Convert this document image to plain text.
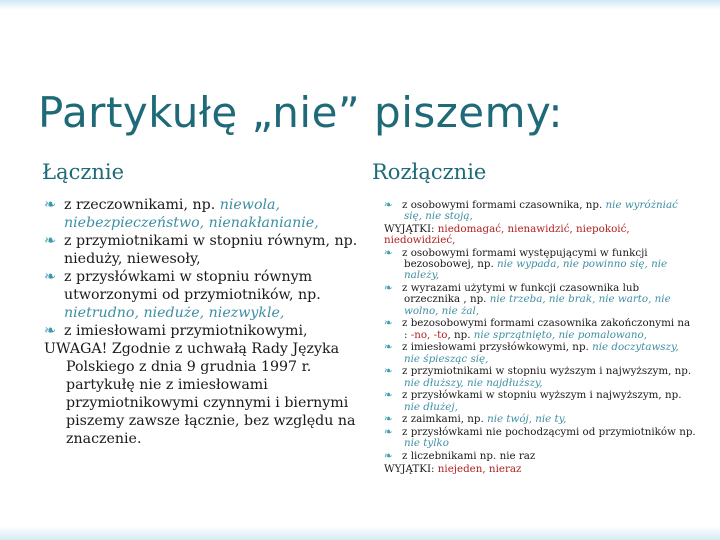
Partykułę „nie” piszemy:
Łącznie	Rozłącznie

❧ z rzeczownikami, np. niewola, niebezpieczeństwo, nienakłanianie,

❧ z przymiotnikami w stopniu równym, np. nieduży, niewesoły,

❧ z przysłówkami w stopniu równym utworzonymi od przymiotników, np. nietrudno, nieduże, niezwykle,

❧ z imiesłowami przymiotnikowymi,

UWAGA! Zgodnie z uchwałą Rady Języka Polskiego z dnia 9 grudnia 1997 r. partykułę nie z imiesłowami przymiotnikowymi czynnymi i biernymi piszemy zawsze łącznie, bez względu na znaczenie.

❧ z osobowymi formami czasownika, np. nie wyróżniać się, nie stoją,

WYJĄTKI: niedomagać, nienawidzić, niepokoić, niedowidzieć,

❧ z osobowymi formami występującymi w funkcji bezosobowej, np. nie wypada, nie powinno się, nie należy,

❧ z wyrazami użytymi w funkcji czasownika lub orzecznika , np. nie trzeba, nie brak, nie warto, nie wolno, nie żal,

❧ z bezosobowymi formami czasownika zakończonymi na : -no, -to, np. nie sprzątnięto, nie pomalowano,

❧ z imiesłowami przysłówkowymi, np. nie doczytawszy, nie śpiesząc się,

❧ z przymiotnikami w stopniu wyższym i najwyższym, np. nie dłuższy, nie najdłuższy,

❧ z przysłówkami w stopniu wyższym i najwyższym, np. nie dłużej,

❧ z zaimkami, np. nie twój, nie ty,

❧ z przysłówkami nie pochodzącymi od przymiotników np. nie tylko

❧ z liczebnikami np. nie raz

WYJĄTKI: niejeden, nieraz
